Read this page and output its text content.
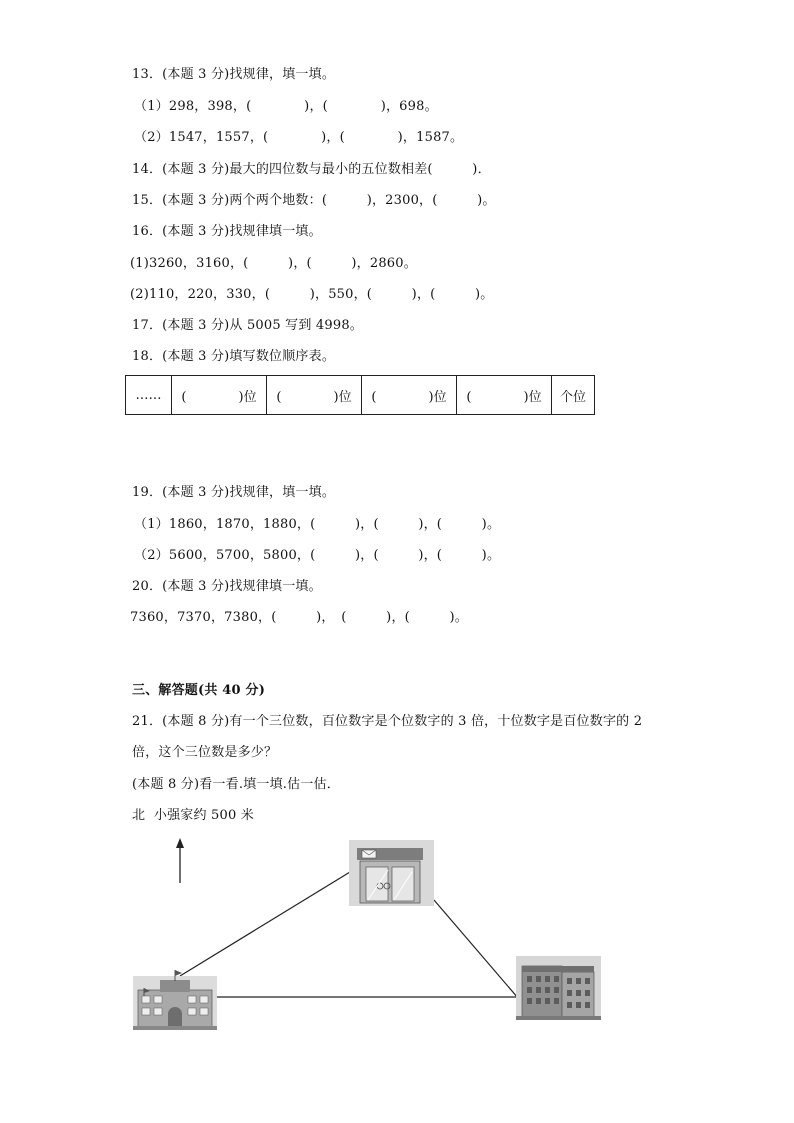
13．(本题 3 分)找规律，填一填。
（1）298，398，(　　　　)，(　　　　)，698。
（2）1547，1557，(　　　　)，(　　　　)，1587。
14．(本题 3 分)最大的四位数与最小的五位数相差(　　　)．
15．(本题 3 分)两个两个地数：(　　　)，2300，(　　　)。
16．(本题 3 分)找规律填一填。
(1)3260，3160，(　　　)，(　　　)，2860。
(2)110，220，330，(　　　)，550，(　　　)，(　　　)。
17．(本题 3 分)从 5005 写到 4998。
18．(本题 3 分)填写数位顺序表。
……	(　　　　)位	(　　　　)位	(　　　　)位	(　　　　)位	个位
19．(本题 3 分)找规律，填一填。
（1）1860，1870，1880，(　　　)，(　　　)，(　　　)。
（2）5600，5700，5800，(　　　)，(　　　)，(　　　)。
20．(本题 3 分)找规律填一填。
7360，7370，7380，(　　　)，　(　　　)，(　　　)。
三、解答题(共 40 分)
21．(本题 8 分)有一个三位数，百位数字是个位数字的 3 倍，十位数字是百位数字的 2
倍，这个三位数是多少？
(本题 8 分)看一看.填一填.估一估．
北  小强家约 500 米
